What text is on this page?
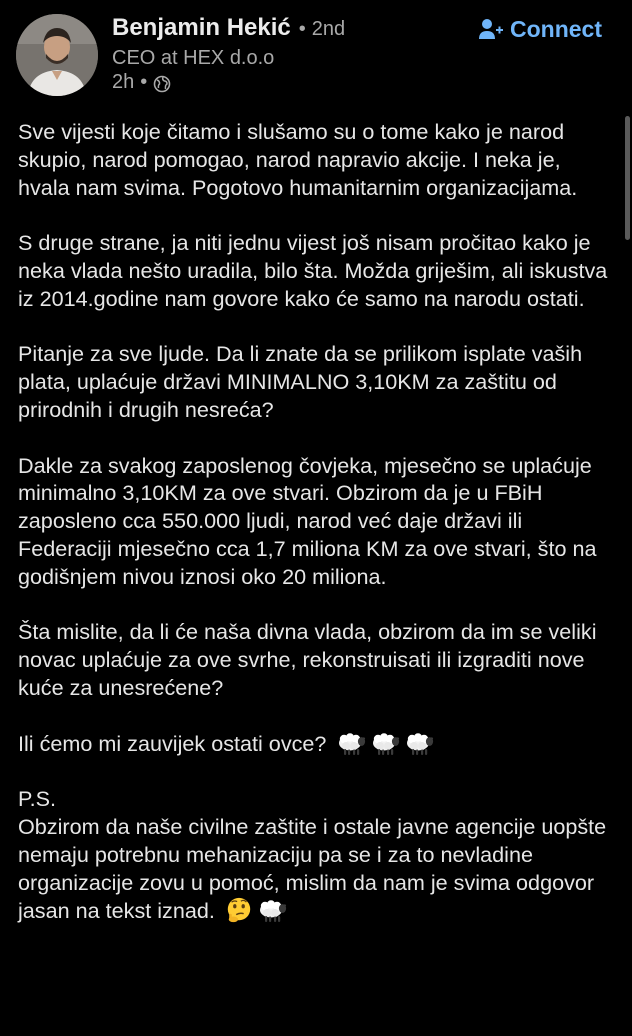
Benjamin Hekić • 2nd
CEO at HEX d.o.o
2h •
Connect

Sve vijesti koje čitamo i slušamo su o tome kako je narod skupio, narod pomogao, narod napravio akcije. I neka je, hvala nam svima. Pogotovo humanitarnim organizacijama.

S druge strane, ja niti jednu vijest još nisam pročitao kako je neka vlada nešto uradila, bilo šta. Možda griješim, ali iskustva iz 2014.godine nam govore kako će samo na narodu ostati.

Pitanje za sve ljude. Da li znate da se prilikom isplate vaših plata, uplaćuje državi MINIMALNO 3,10KM za zaštitu od prirodnih i drugih nesreća?

Dakle za svakog zaposlenog čovjeka, mjesečno se uplaćuje minimalno 3,10KM za ove stvari. Obzirom da je u FBiH zaposleno cca 550.000 ljudi, narod već daje državi ili Federaciji mjesečno cca 1,7 miliona KM za ove stvari, što na godišnjem nivou iznosi oko 20 miliona.

Šta mislite, da li će naša divna vlada, obzirom da im se veliki novac uplaćuje za ove svrhe, rekonstruisati ili izgraditi nove kuće za unesrećene?

Ili ćemo mi zauvijek ostati ovce?

P.S.
Obzirom da naše civilne zaštite i ostale javne agencije uopšte nemaju potrebnu mehanizaciju pa se i za to nevladine organizacije zovu u pomoć, mislim da nam je svima odgovor jasan na tekst iznad.
